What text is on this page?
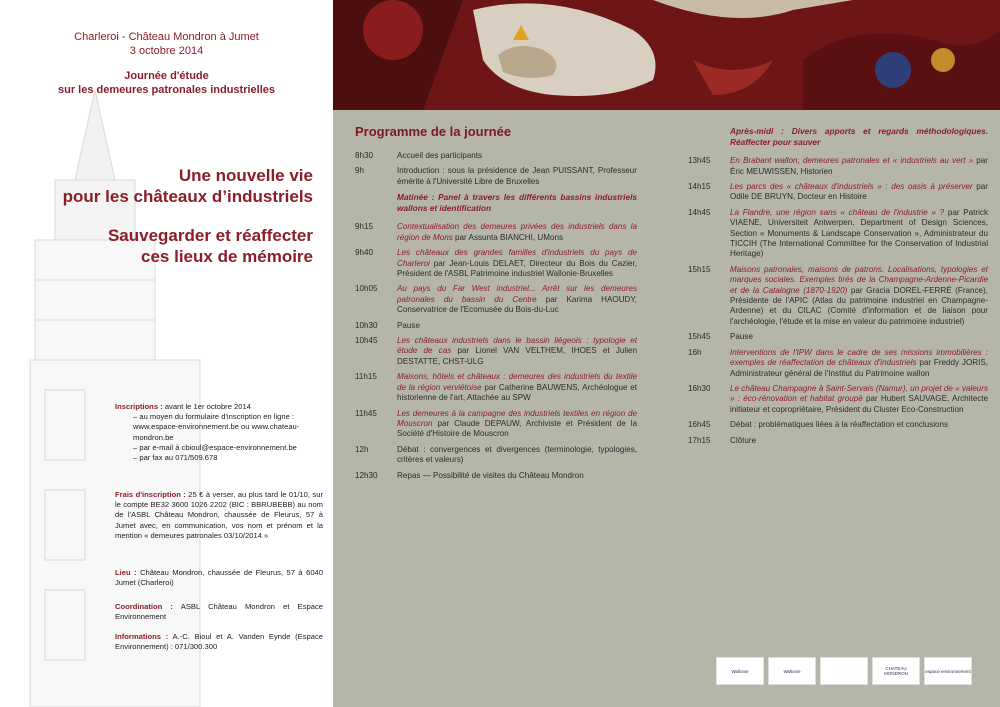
Charleroi - Château Mondron à Jumet
3 octobre 2014
Journée d'étude
sur les demeures patronales industrielles
Une nouvelle vie
pour les châteaux d’industriels
Sauvegarder et réaffecter
ces lieux de mémoire
Inscriptions : avant le 1er octobre 2014
– au moyen du formulaire d'inscription en ligne : www.espace-environnement.be ou www.chateau-mondron.be
– par e-mail à cbioul@espace-environnement.be
– par fax au 071/509.678
Frais d'inscription : 25 € à verser, au plus tard le 01/10, sur le compte BE32 3600 1026 2202 (BIC : BBRUBEBB) au nom de l'ASBL Château Mondron, chaussée de Fleurus, 57 à Jumet avec, en communication, vos nom et prénom et la mention « demeures patronales 03/10/2014 »
Lieu : Château Mondron, chaussée de Fleurus, 57 à 6040 Jumet (Charleroi)
Coordination : ASBL Château Mondron et Espace Environnement
Informations : A.-C. Bioul et A. Vanden Eynde (Espace Environnement) : 071/300.300
Programme de la journée
8h30	Accueil des participants
9h	Introduction : sous la présidence de Jean PUISSANT, Professeur émérite à l'Université Libre de Bruxelles
Matinée : Panel à travers les différents bassins industriels wallons et identification
9h15	Contextualisation des demeures privées des industriels dans la région de Mons par Assunta BIANCHI, UMons
9h40	Les châteaux des grandes familles d'industriels du pays de Charleroi par Jean-Louis DELAET, Directeur du Bois du Cazier, Président de l'ASBL Patrimoine industriel Wallonie-Bruxelles
10h05	Au pays du Far West industriel... Arrêt sur les demeures patronales du bassin du Centre par Karima HAOUDY, Conservatrice de l'Ecomusée du Bois-du-Luc
10h30	Pause
10h45	Les châteaux industriels dans le bassin liégeois : typologie et étude de cas par Lionel VAN VELTHEM, IHOES et Julien DESTATTE, CHST-ULG
11h15	Maisons, hôtels et châteaux : demeures des industriels du textile de la région verviétoise par Catherine BAUWENS, Archéologue et historienne de l'art, Attachée au SPW
11h45	Les demeures à la campagne des industriels textiles en région de Mouscron par Claude DEPAUW, Archiviste et Président de la Société d'Histoire de Mouscron
12h	Débat : convergences et divergences (terminologie, typologies, critères et valeurs)
12h30	Repas — Possibilité de visites du Château Mondron
Après-midi : Divers apports et regards méthodologiques. Réaffecter pour sauver
13h45	En Brabant wallon, demeures patronales et « industriels au vert » par Éric MEUWISSEN, Historien
14h15	Les parcs des « châteaux d'industriels » : des oasis à préserver par Odile DE BRUYN, Docteur en Histoire
14h45	La Flandre, une région sans « château de l'industrie » ? par Patrick VIAENE, Universiteit Antwerpen, Department of Design Sciences, Section « Monuments & Landscape Conservation », Administrateur du TICCIH (The International Committee for the Conservation of Industrial Heritage)
15h15	Maisons patronales, maisons de patrons. Localisations, typologies et marques sociales. Exemples tirés de la Champagne-Ardenne-Picardie et de la Catalogne (1870-1920) par Gracia DOREL-FERRÉ (France), Présidente de l'APIC (Atlas du patrimoine industriel en Champagne-Ardenne) et du CILAC (Comité d'information et de liaison pour l'archéologie, l'étude et la mise en valeur du patrimoine industriel)
15h45	Pause
16h	Interventions de l'IPW dans le cadre de ses missions immobilières : exemples de réaffectation de châteaux d'industriels par Freddy JORIS, Administrateur général de l'Institut du Patrimoine wallon
16h30	Le château Champagne à Saint-Servais (Namur), un projet de « valeurs » : éco-rénovation et habitat groupé par Hubert SAUVAGE, Architecte initiateur et copropriétaire, Président du Cluster Eco-Construction
16h45	Débat : problématiques liées à la réaffectation et conclusions
17h15	Clôture
Wallonie	Wallonie	CHATEAU MONDRON	espace environnement
